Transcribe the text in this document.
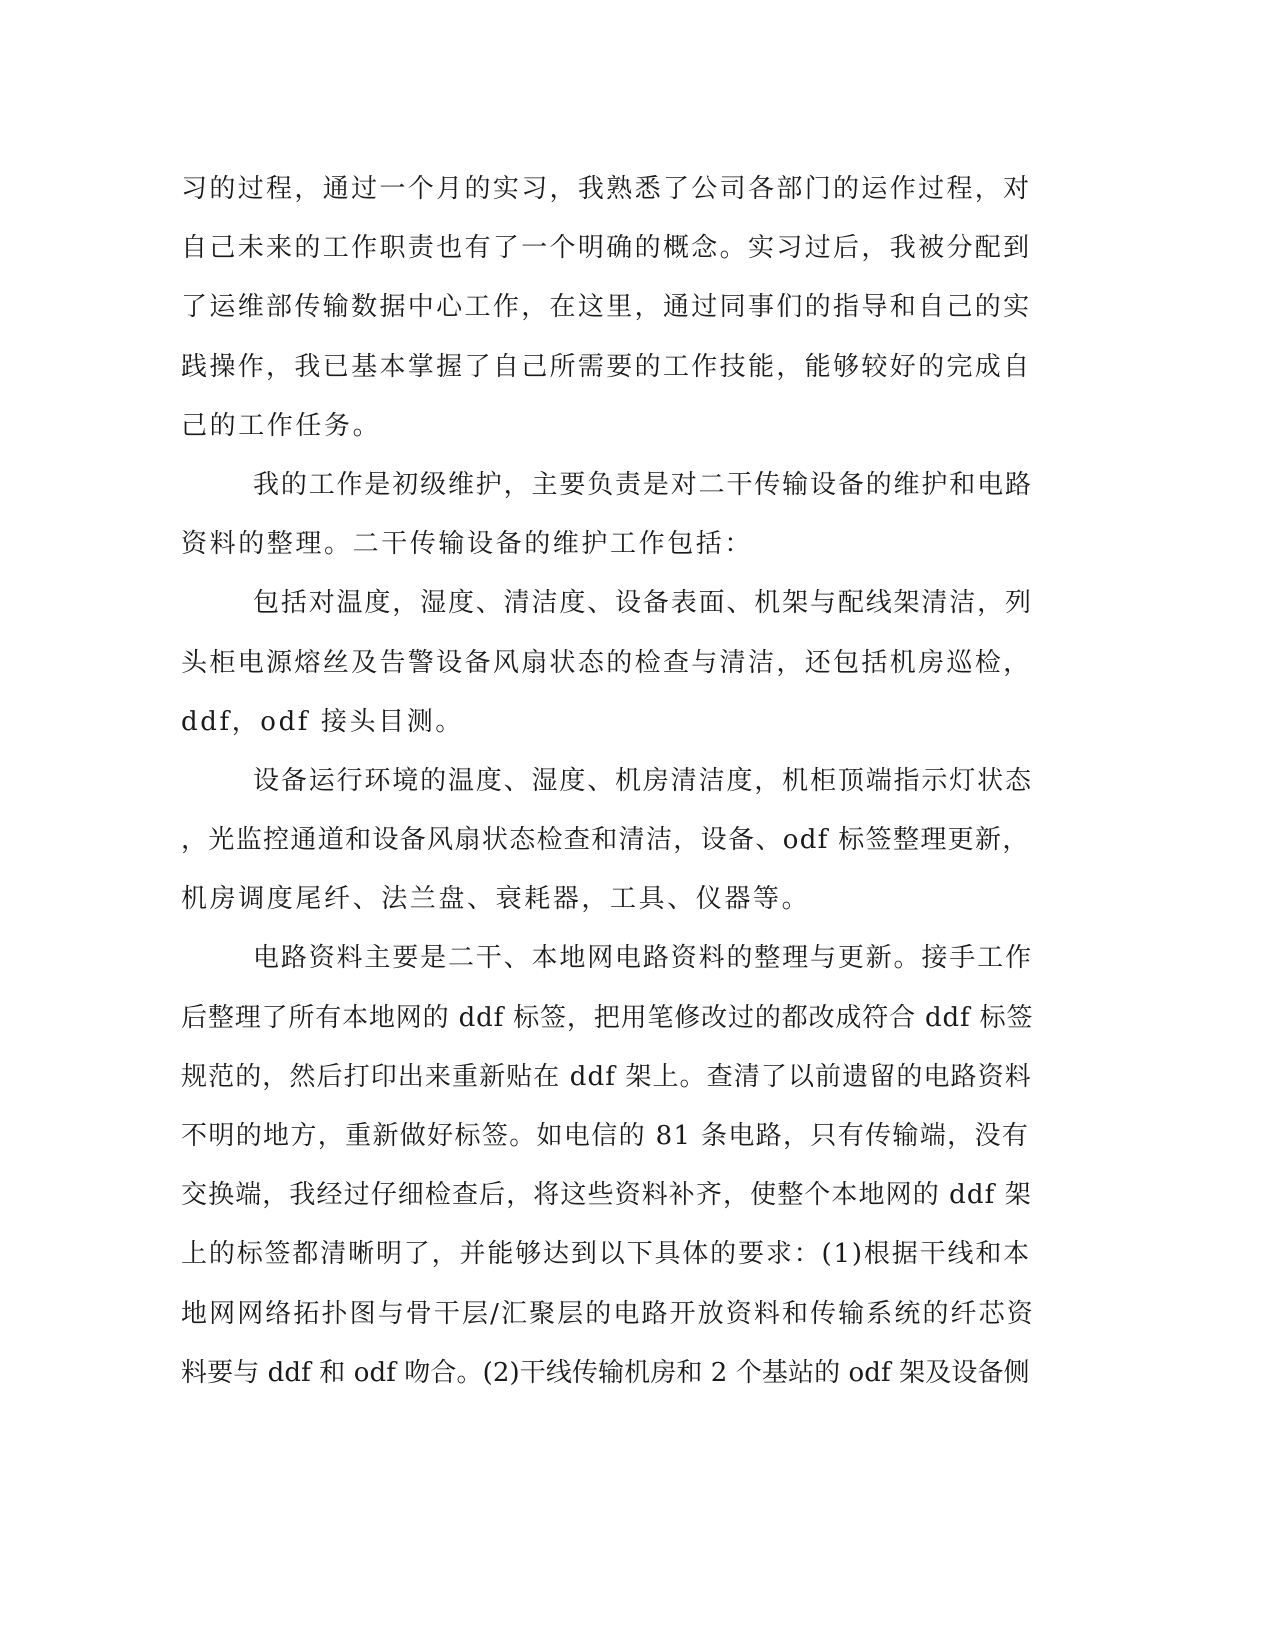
习的过程，通过一个月的实习，我熟悉了公司各部门的运作过程，对
自己未来的工作职责也有了一个明确的概念。实习过后，我被分配到
了运维部传输数据中心工作，在这里，通过同事们的指导和自己的实
践操作，我已基本掌握了自己所需要的工作技能，能够较好的完成自
己的工作任务。
我的工作是初级维护，主要负责是对二干传输设备的维护和电路
资料的整理。二干传输设备的维护工作包括：
包括对温度，湿度、清洁度、设备表面、机架与配线架清洁，列
头柜电源熔丝及告警设备风扇状态的检查与清洁，还包括机房巡检，
ddf，odf 接头目测。
设备运行环境的温度、湿度、机房清洁度，机柜顶端指示灯状态
，光监控通道和设备风扇状态检查和清洁，设备、odf 标签整理更新，
机房调度尾纤、法兰盘、衰耗器，工具、仪器等。
电路资料主要是二干、本地网电路资料的整理与更新。接手工作
后整理了所有本地网的 ddf 标签，把用笔修改过的都改成符合 ddf 标签
规范的，然后打印出来重新贴在 ddf 架上。查清了以前遗留的电路资料
不明的地方，重新做好标签。如电信的 81 条电路，只有传输端，没有
交换端，我经过仔细检查后，将这些资料补齐，使整个本地网的 ddf 架
上的标签都清晰明了，并能够达到以下具体的要求：(1)根据干线和本
地网网络拓扑图与骨干层/汇聚层的电路开放资料和传输系统的纤芯资
料要与 ddf 和 odf 吻合。(2)干线传输机房和 2 个基站的 odf 架及设备侧
